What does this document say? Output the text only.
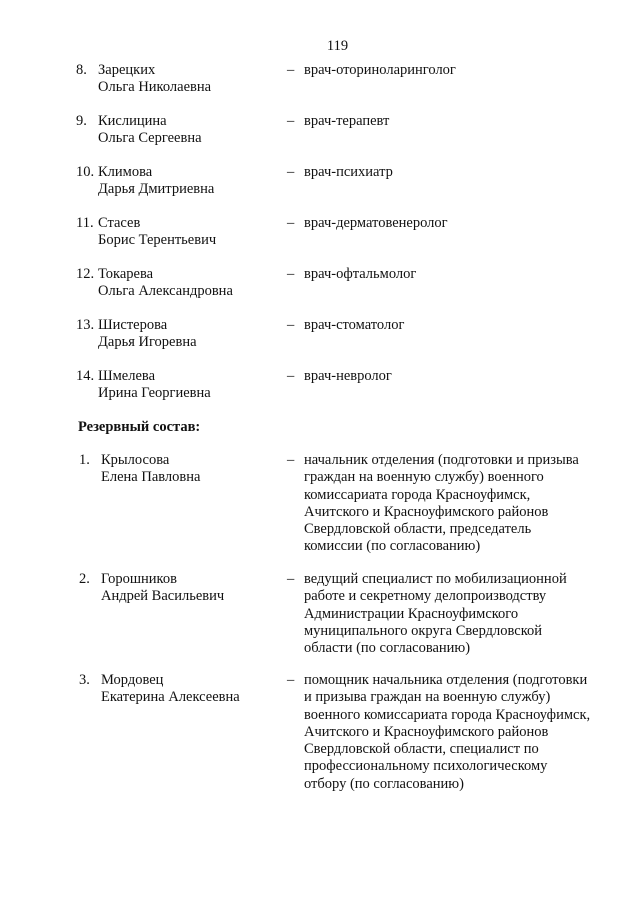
119
8. Зарецких
Ольга Николаевна
– врач-оториноларинголог
9. Кислицина
Ольга Сергеевна
– врач-терапевт
10. Климова
Дарья Дмитриевна
– врач-психиатр
11. Стасев
Борис Терентьевич
– врач-дерматовенеролог
12. Токарева
Ольга Александровна
– врач-офтальмолог
13. Шистерова
Дарья Игоревна
– врач-стоматолог
14. Шмелева
Ирина Георгиевна
– врач-невролог
Резервный состав:
1. Крылосова
Елена Павловна
– начальник отделения (подготовки и призыва
граждан на военную службу) военного
комиссариата города Красноуфимск,
Ачитского и Красноуфимского районов
Свердловской области, председатель
комиссии (по согласованию)
2. Горошников
Андрей Васильевич
– ведущий специалист по мобилизационной
работе и секретному делопроизводству
Администрации Красноуфимского
муниципального округа Свердловской
области (по согласованию)
3. Мордовец
Екатерина Алексеевна
– помощник начальника отделения (подготовки
и призыва граждан на военную службу)
военного комиссариата города Красноуфимск,
Ачитского и Красноуфимского районов
Свердловской области, специалист по
профессиональному психологическому
отбору (по согласованию)
